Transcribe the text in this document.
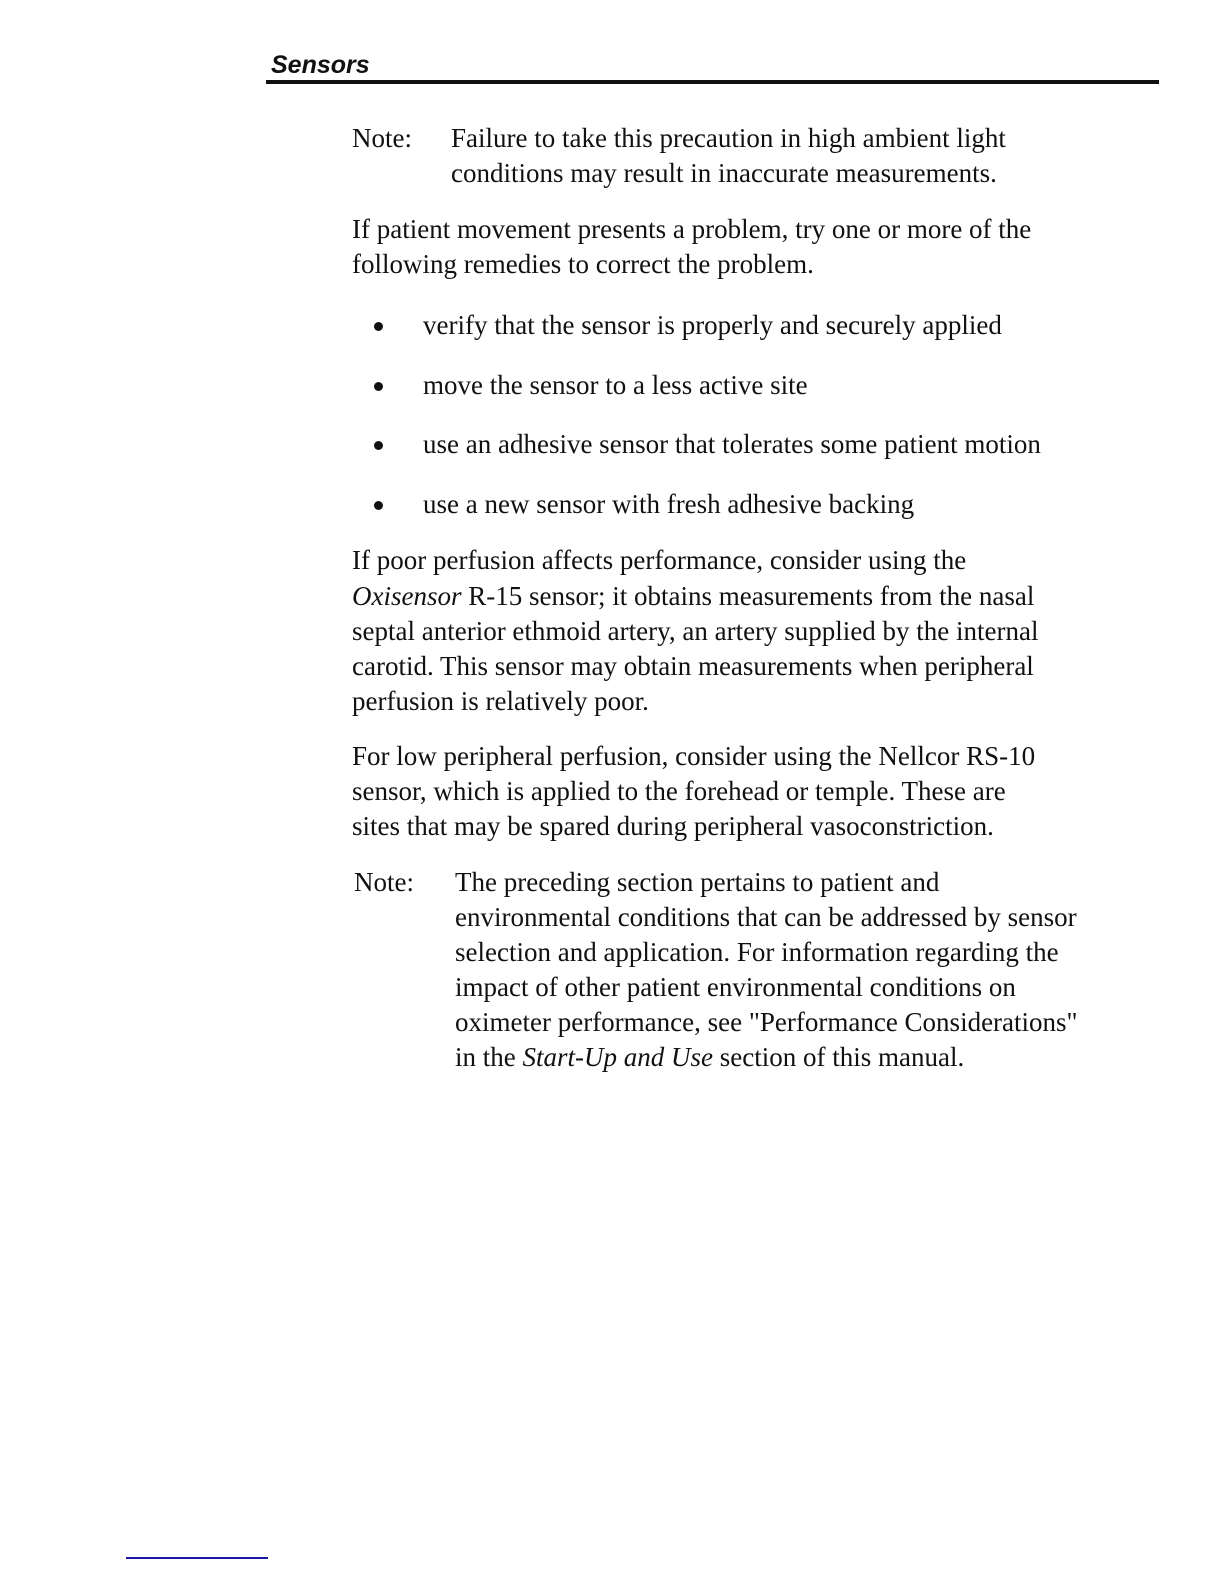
Sensors
Note: Failure to take this precaution in high ambient light
conditions may result in inaccurate measurements.
If patient movement presents a problem, try one or more of the
following remedies to correct the problem.
verify that the sensor is properly and securely applied
move the sensor to a less active site
use an adhesive sensor that tolerates some patient motion
use a new sensor with fresh adhesive backing
If poor perfusion affects performance, consider using the
Oxisensor R-15 sensor; it obtains measurements from the nasal
septal anterior ethmoid artery, an artery supplied by the internal
carotid. This sensor may obtain measurements when peripheral
perfusion is relatively poor.
For low peripheral perfusion, consider using the Nellcor RS-10
sensor, which is applied to the forehead or temple. These are
sites that may be spared during peripheral vasoconstriction.
Note: The preceding section pertains to patient and
environmental conditions that can be addressed by sensor
selection and application. For information regarding the
impact of other patient environmental conditions on
oximeter performance, see "Performance Considerations"
in the Start-Up and Use section of this manual.
